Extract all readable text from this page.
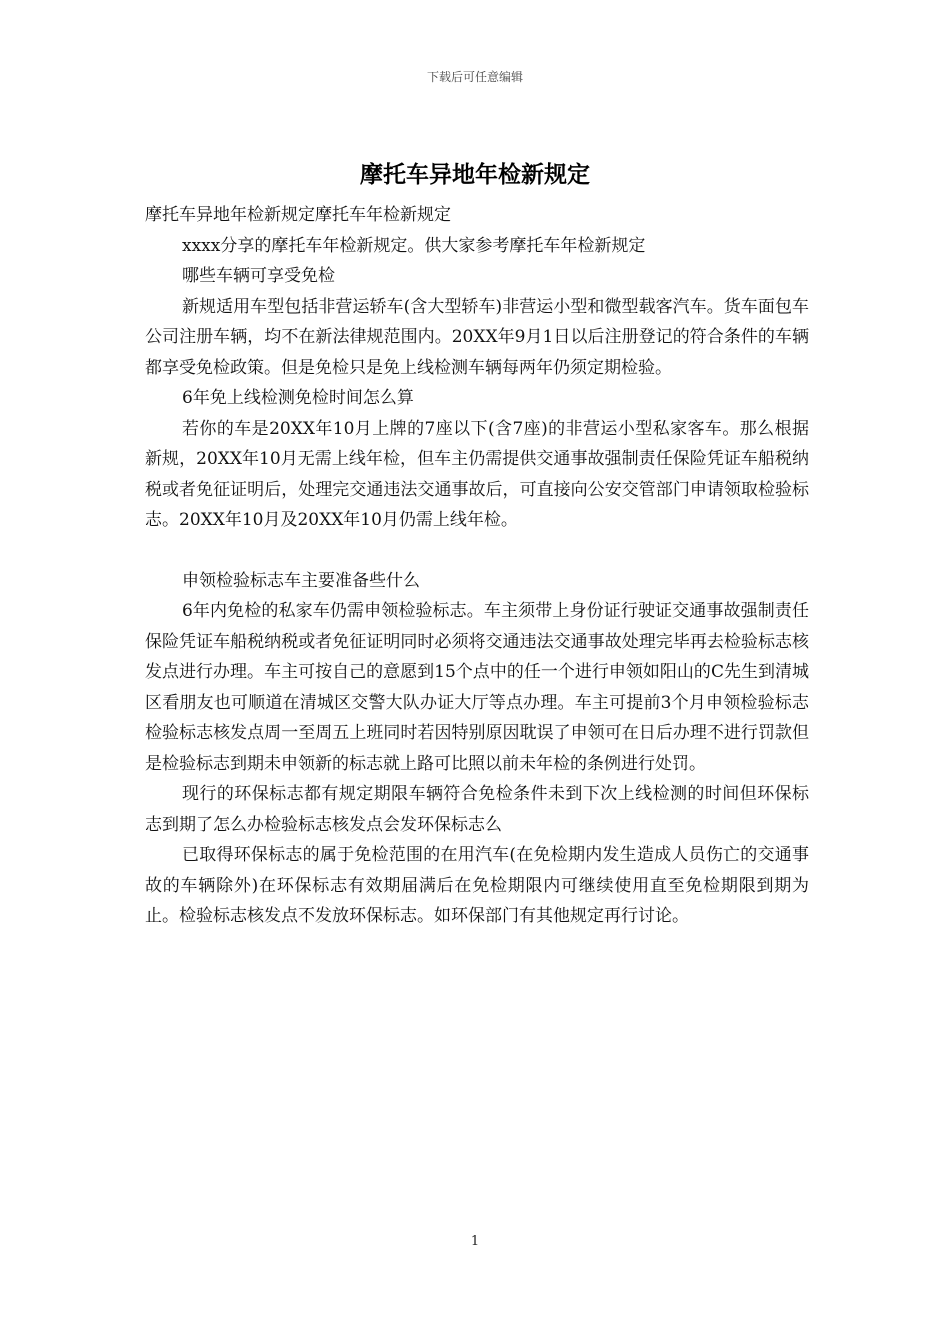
下载后可任意编辑
摩托车异地年检新规定

摩托车异地年检新规定摩托车年检新规定

xxxx分享的摩托车年检新规定。供大家参考摩托车年检新规定

哪些车辆可享受免检

新规适用车型包括非营运轿车(含大型轿车)非营运小型和微型载客汽车。货车面包车公司注册车辆，均不在新法律规范围内。20XX年9月1日以后注册登记的符合条件的车辆都享受免检政策。但是免检只是免上线检测车辆每两年仍须定期检验。

6年免上线检测免检时间怎么算

若你的车是20XX年10月上牌的7座以下(含7座)的非营运小型私家客车。那么根据新规，20XX年10月无需上线年检，但车主仍需提供交通事故强制责任保险凭证车船税纳税或者免征证明后，处理完交通违法交通事故后，可直接向公安交管部门申请领取检验标志。20XX年10月及20XX年10月仍需上线年检。

申领检验标志车主要准备些什么

6年内免检的私家车仍需申领检验标志。车主须带上身份证行驶证交通事故强制责任保险凭证车船税纳税或者免征证明同时必须将交通违法交通事故处理完毕再去检验标志核发点进行办理。车主可按自己的意愿到15个点中的任一个进行申领如阳山的C先生到清城区看朋友也可顺道在清城区交警大队办证大厅等点办理。车主可提前3个月申领检验标志检验标志核发点周一至周五上班同时若因特别原因耽误了申领可在日后办理不进行罚款但是检验标志到期未申领新的标志就上路可比照以前未年检的条例进行处罚。

现行的环保标志都有规定期限车辆符合免检条件未到下次上线检测的时间但环保标志到期了怎么办检验标志核发点会发环保标志么

已取得环保标志的属于免检范围的在用汽车(在免检期内发生造成人员伤亡的交通事故的车辆除外)在环保标志有效期届满后在免检期限内可继续使用直至免检期限到期为止。检验标志核发点不发放环保标志。如环保部门有其他规定再行讨论。

1
